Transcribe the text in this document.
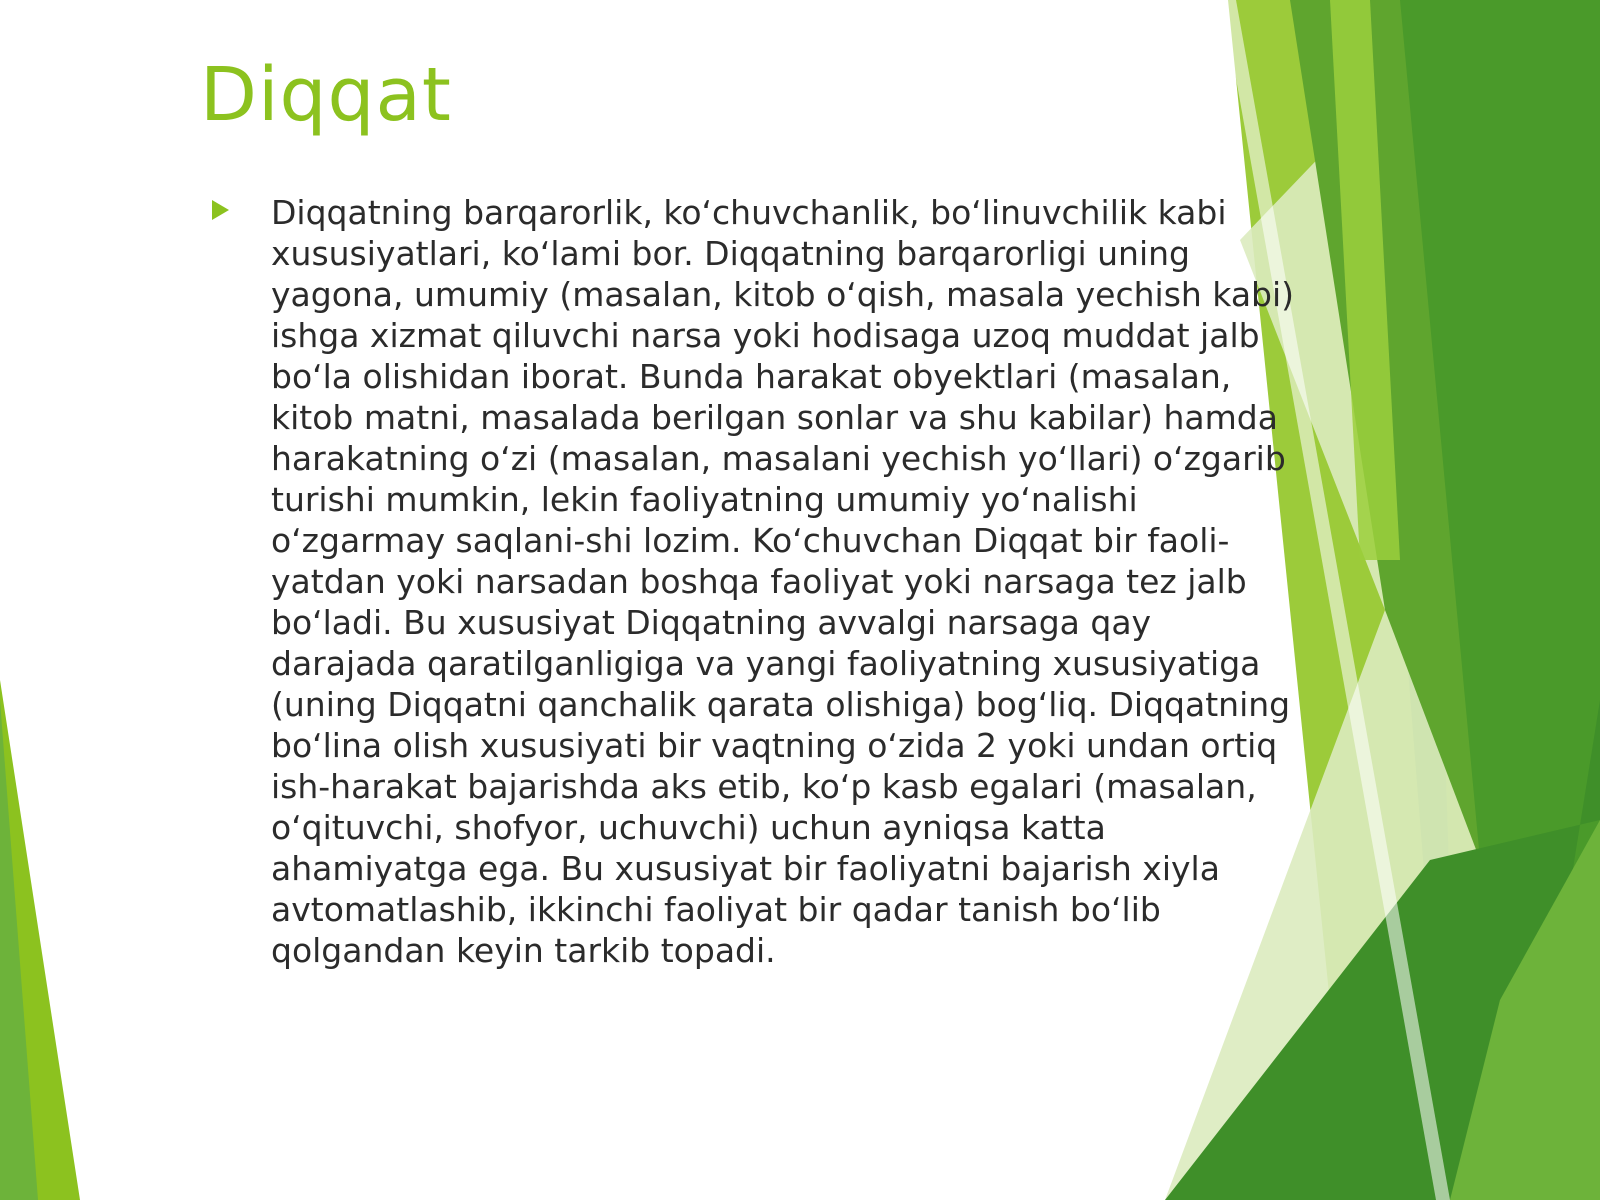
Diqqat

Diqqatning barqarorlik, koʻchuvchanlik, boʻlinuvchilik kabi xususiyatlari, koʻlami bor. Diqqatning barqarorligi uning yagona, umumiy (masalan, kitob oʻqish, masala yechish kabi) ishga xizmat qiluvchi narsa yoki hodisaga uzoq muddat jalb boʻla olishidan iborat. Bunda harakat obyektlari (masalan, kitob matni, masalada berilgan sonlar va shu kabilar) hamda harakatning oʻzi (masalan, masalani yechish yoʻllari) oʻzgarib turishi mumkin, lekin faoliyatning umumiy yoʻnalishi oʻzgarmay saqlani-shi lozim. Koʻchuvchan Diqqat bir faoli-yatdan yoki narsadan boshqa faoliyat yoki narsaga tez jalb boʻladi. Bu xususiyat Diqqatning avvalgi narsaga qay darajada qaratilganligiga va yangi faoliyatning xususiyatiga (uning Diqqatni qanchalik qarata olishiga) bogʻliq. Diqqatning boʻlina olish xususiyati bir vaqtning oʻzida 2 yoki undan ortiq ish-harakat bajarishda aks etib, koʻp kasb egalari (masalan, oʻqituvchi, shofyor, uchuvchi) uchun ayniqsa katta ahamiyatga ega. Bu xususiyat bir faoliyatni bajarish xiyla avtomatlashib, ikkinchi faoliyat bir qadar tanish boʻlib qolgandan keyin tarkib topadi.
